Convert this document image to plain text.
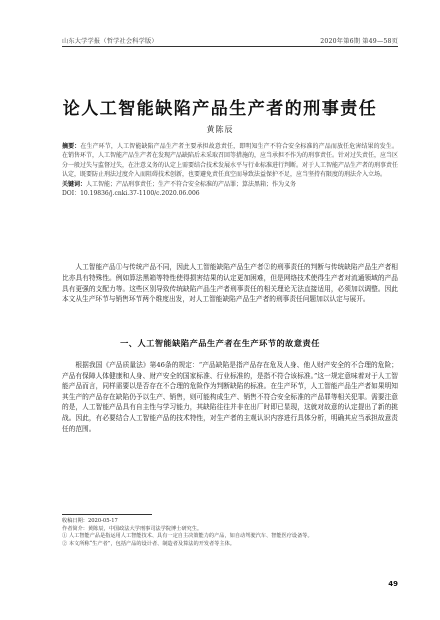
山东大学学报（哲学社会科学版）	2020年第6期 第49—58页
论人工智能缺陷产品生产者的刑事责任
黄陈辰

摘要：在生产环节，人工智能缺陷产品生产者主要承担故意责任，即明知生产不符合安全标准的产品而放任危害结果的发生。在销售环节，人工智能产品生产者在发现产品缺陷后未采取召回等措施的，应当承担不作为的刑事责任。针对过失责任，应当区分一般过失与监督过失，在注意义务的认定上需要结合技术发展水平与行业标准进行判断。对于人工智能产品生产者的刑事责任认定，既要防止刑法过度介入而阻碍技术创新，也要避免责任真空而导致法益保护不足，应当坚持有限度的刑法介入立场。

关键词：人工智能；产品刑事责任；生产不符合安全标准的产品罪；算法黑箱；作为义务

DOI：10.19836/j.cnki.37-1100/c.2020.06.006

人工智能产品①与传统产品不同，因此人工智能缺陷产品生产者②的刑事责任的判断与传统缺陷产品生产者相比亦具有特殊性。例如算法黑箱等特性使得损害结果的认定更加困难，但是网络技术使得生产者对流通领域的产品具有更强的支配力等。这些区别导致传统缺陷产品生产者刑事责任的相关理论无法直接适用，必须加以调整。因此本文从生产环节与销售环节两个维度出发，对人工智能缺陷产品生产者的刑事责任问题加以认定与展开。

一、人工智能缺陷产品生产者在生产环节的故意责任

根据我国《产品质量法》第46条的规定：“产品缺陷是指产品存在危及人身、他人财产安全的不合理的危险；产品有保障人体健康和人身、财产安全的国家标准、行业标准的，是指不符合该标准。”这一规定意味着对于人工智能产品而言，同样需要以是否存在不合理的危险作为判断缺陷的标准。在生产环节，人工智能产品生产者如果明知其生产的产品存在缺陷仍予以生产、销售，则可能构成生产、销售不符合安全标准的产品罪等相关犯罪。需要注意的是，人工智能产品具有自主性与学习能力，其缺陷往往并非在出厂时即已显现，这就对故意的认定提出了新的挑战。因此，有必要结合人工智能产品的技术特性，对生产者的主观认识内容进行具体分析，明确其应当承担故意责任的范围。

收稿日期：2020-05-17

作者简介：黄陈辰，中国政法大学刑事司法学院博士研究生。

① 人工智能产品是指运用人工智能技术、具有一定自主决策能力的产品，如自动驾驶汽车、智能医疗设备等。

② 本文所称“生产者”，包括产品的设计者、制造者及算法的开发者等主体。

49
